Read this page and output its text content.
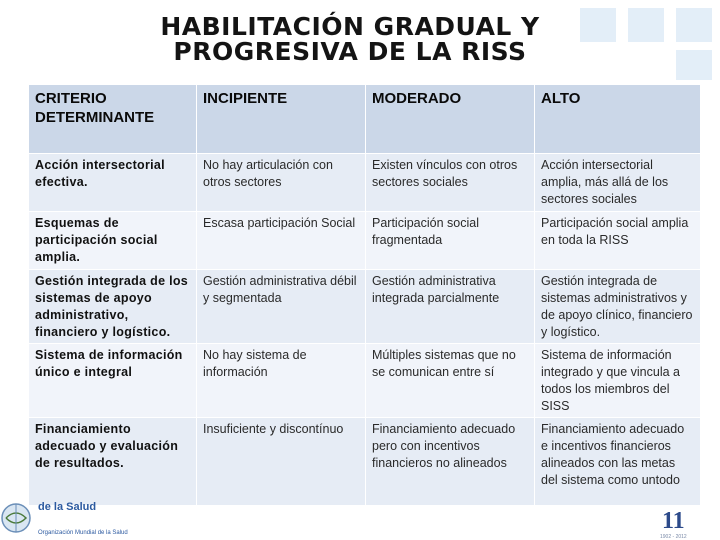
HABILITACIÓN GRADUAL Y
PROGRESIVA DE LA RISS
CRITERIO DETERMINANTE	INCIPIENTE	MODERADO	ALTO
Acción intersectorial efectiva.	No hay articulación con otros sectores	Existen vínculos con otros sectores sociales	Acción intersectorial amplia, más allá de los sectores sociales
Esquemas de participación social amplia.	Escasa participación Social	Participación social fragmentada	Participación social amplia en toda la RISS
Gestión integrada de los sistemas de apoyo administrativo, financiero y logístico.	Gestión administrativa débil y segmentada	Gestión administrativa integrada parcialmente	Gestión integrada de sistemas administrativos y de apoyo clínico, financiero y logístico.
Sistema de información único e integral	No hay sistema de información	Múltiples sistemas que no se comunican entre sí	Sistema de información integrado y que vincula a todos los miembros del SISS
Financiamiento adecuado y evaluación de resultados.	Insuficiente y discontínuo	Financiamiento adecuado pero con incentivos financieros no alineados	Financiamiento adecuado e incentivos financieros alineados con las metas del sistema como untodo
de la Salud
Organización Mundial de la Salud	11
1902 - 2012
